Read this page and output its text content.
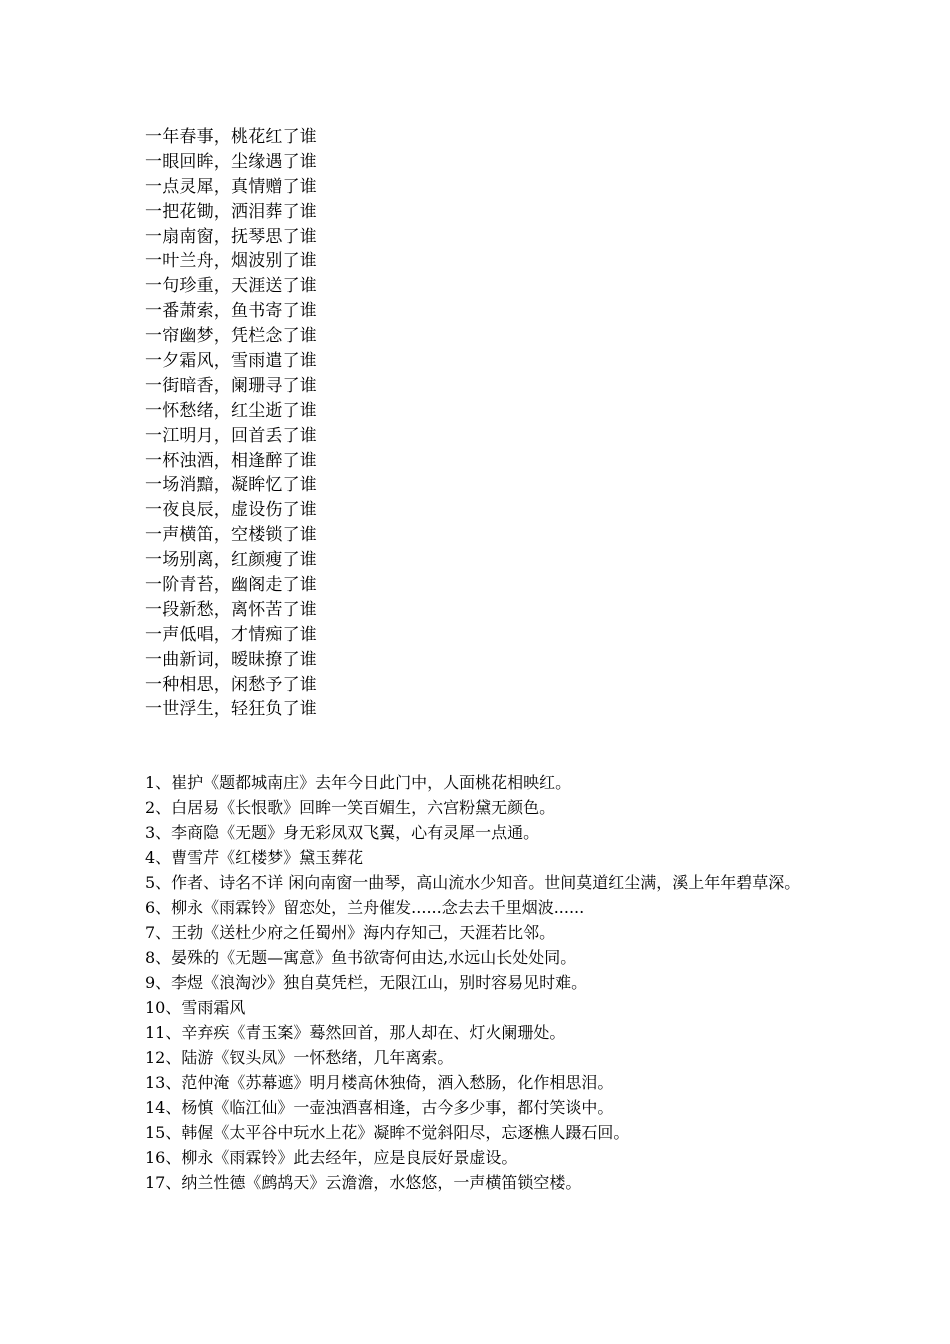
一年春事，桃花红了谁
一眼回眸，尘缘遇了谁
一点灵犀，真情赠了谁
一把花锄，洒泪葬了谁
一扇南窗，抚琴思了谁
一叶兰舟，烟波别了谁
一句珍重，天涯送了谁
一番萧索，鱼书寄了谁
一帘幽梦，凭栏念了谁
一夕霜风，雪雨遣了谁
一街暗香，阑珊寻了谁
一怀愁绪，红尘逝了谁
一江明月，回首丢了谁
一杯浊酒，相逢醉了谁
一场消黯，凝眸忆了谁
一夜良辰，虚设伤了谁
一声横笛，空楼锁了谁
一场别离，红颜瘦了谁
一阶青苔，幽阁走了谁
一段新愁，离怀苦了谁
一声低唱，才情痴了谁
一曲新词，暧昧撩了谁
一种相思，闲愁予了谁
一世浮生，轻狂负了谁
1、崔护《题都城南庄》去年今日此门中，人面桃花相映红。
2、白居易《长恨歌》回眸一笑百媚生，六宫粉黛无颜色。
3、李商隐《无题》身无彩凤双飞翼，心有灵犀一点通。
4、曹雪芹《红楼梦》黛玉葬花
5、作者、诗名不详 闲向南窗一曲琴，高山流水少知音。世间莫道红尘满，溪上年年碧草深。
6、柳永《雨霖铃》留恋处，兰舟催发......念去去千里烟波......
7、王勃《送杜少府之任蜀州》海内存知己，天涯若比邻。
8、晏殊的《无题—寓意》鱼书欲寄何由达,水远山长处处同。
9、李煜《浪淘沙》独自莫凭栏，无限江山，别时容易见时难。
10、雪雨霜风
11、辛弃疾《青玉案》蓦然回首，那人却在、灯火阑珊处。
12、陆游《钗头凤》一怀愁绪，几年离索。
13、范仲淹《苏幕遮》明月楼高休独倚，酒入愁肠，化作相思泪。
14、杨慎《临江仙》一壶浊酒喜相逢，古今多少事，都付笑谈中。
15、韩偓《太平谷中玩水上花》凝眸不觉斜阳尽，忘逐樵人蹑石回。
16、柳永《雨霖铃》此去经年，应是良辰好景虚设。
17、纳兰性德《鹧鸪天》云澹澹，水悠悠，一声横笛锁空楼。
